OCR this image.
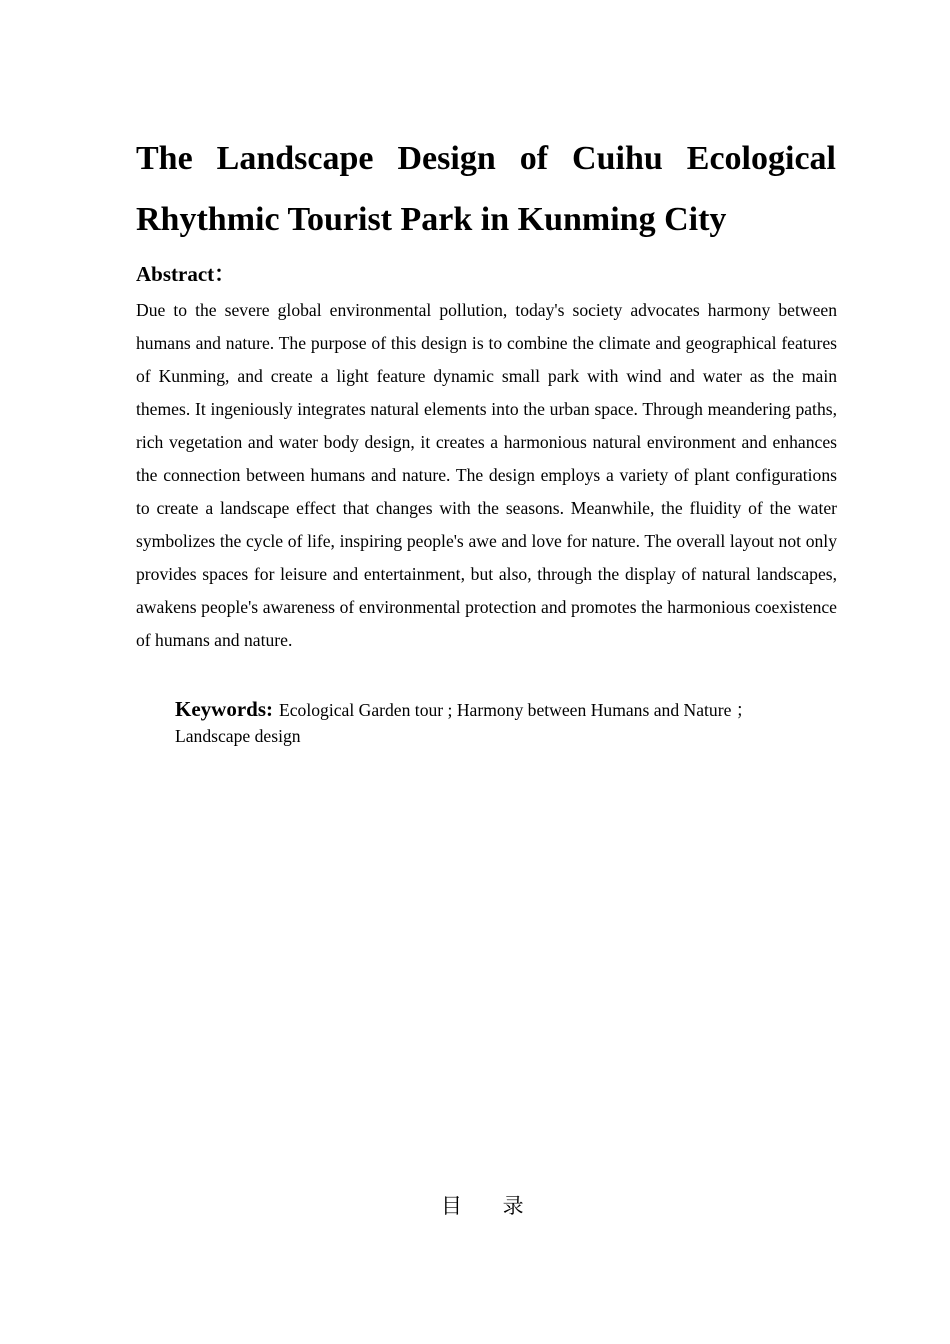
The Landscape Design of Cuihu Ecological Rhythmic Tourist Park in Kunming City
Abstract：

Due to the severe global environmental pollution, today's society advocates harmony between humans and nature. The purpose of this design is to combine the climate and geographical features of Kunming, and create a light feature dynamic small park with wind and water as the main themes. It ingeniously integrates natural elements into the urban space. Through meandering paths, rich vegetation and water body design, it creates a harmonious natural environment and enhances the connection between humans and nature. The design employs a variety of plant configurations to create a landscape effect that changes with the seasons. Meanwhile, the fluidity of the water symbolizes the cycle of life, inspiring people's awe and love for nature. The overall layout not only provides spaces for leisure and entertainment, but also, through the display of natural landscapes, awakens people's awareness of environmental protection and promotes the harmonious coexistence of humans and nature.

Keywords: Ecological Garden tour ; Harmony between Humans and Nature ；Landscape design

目 录
